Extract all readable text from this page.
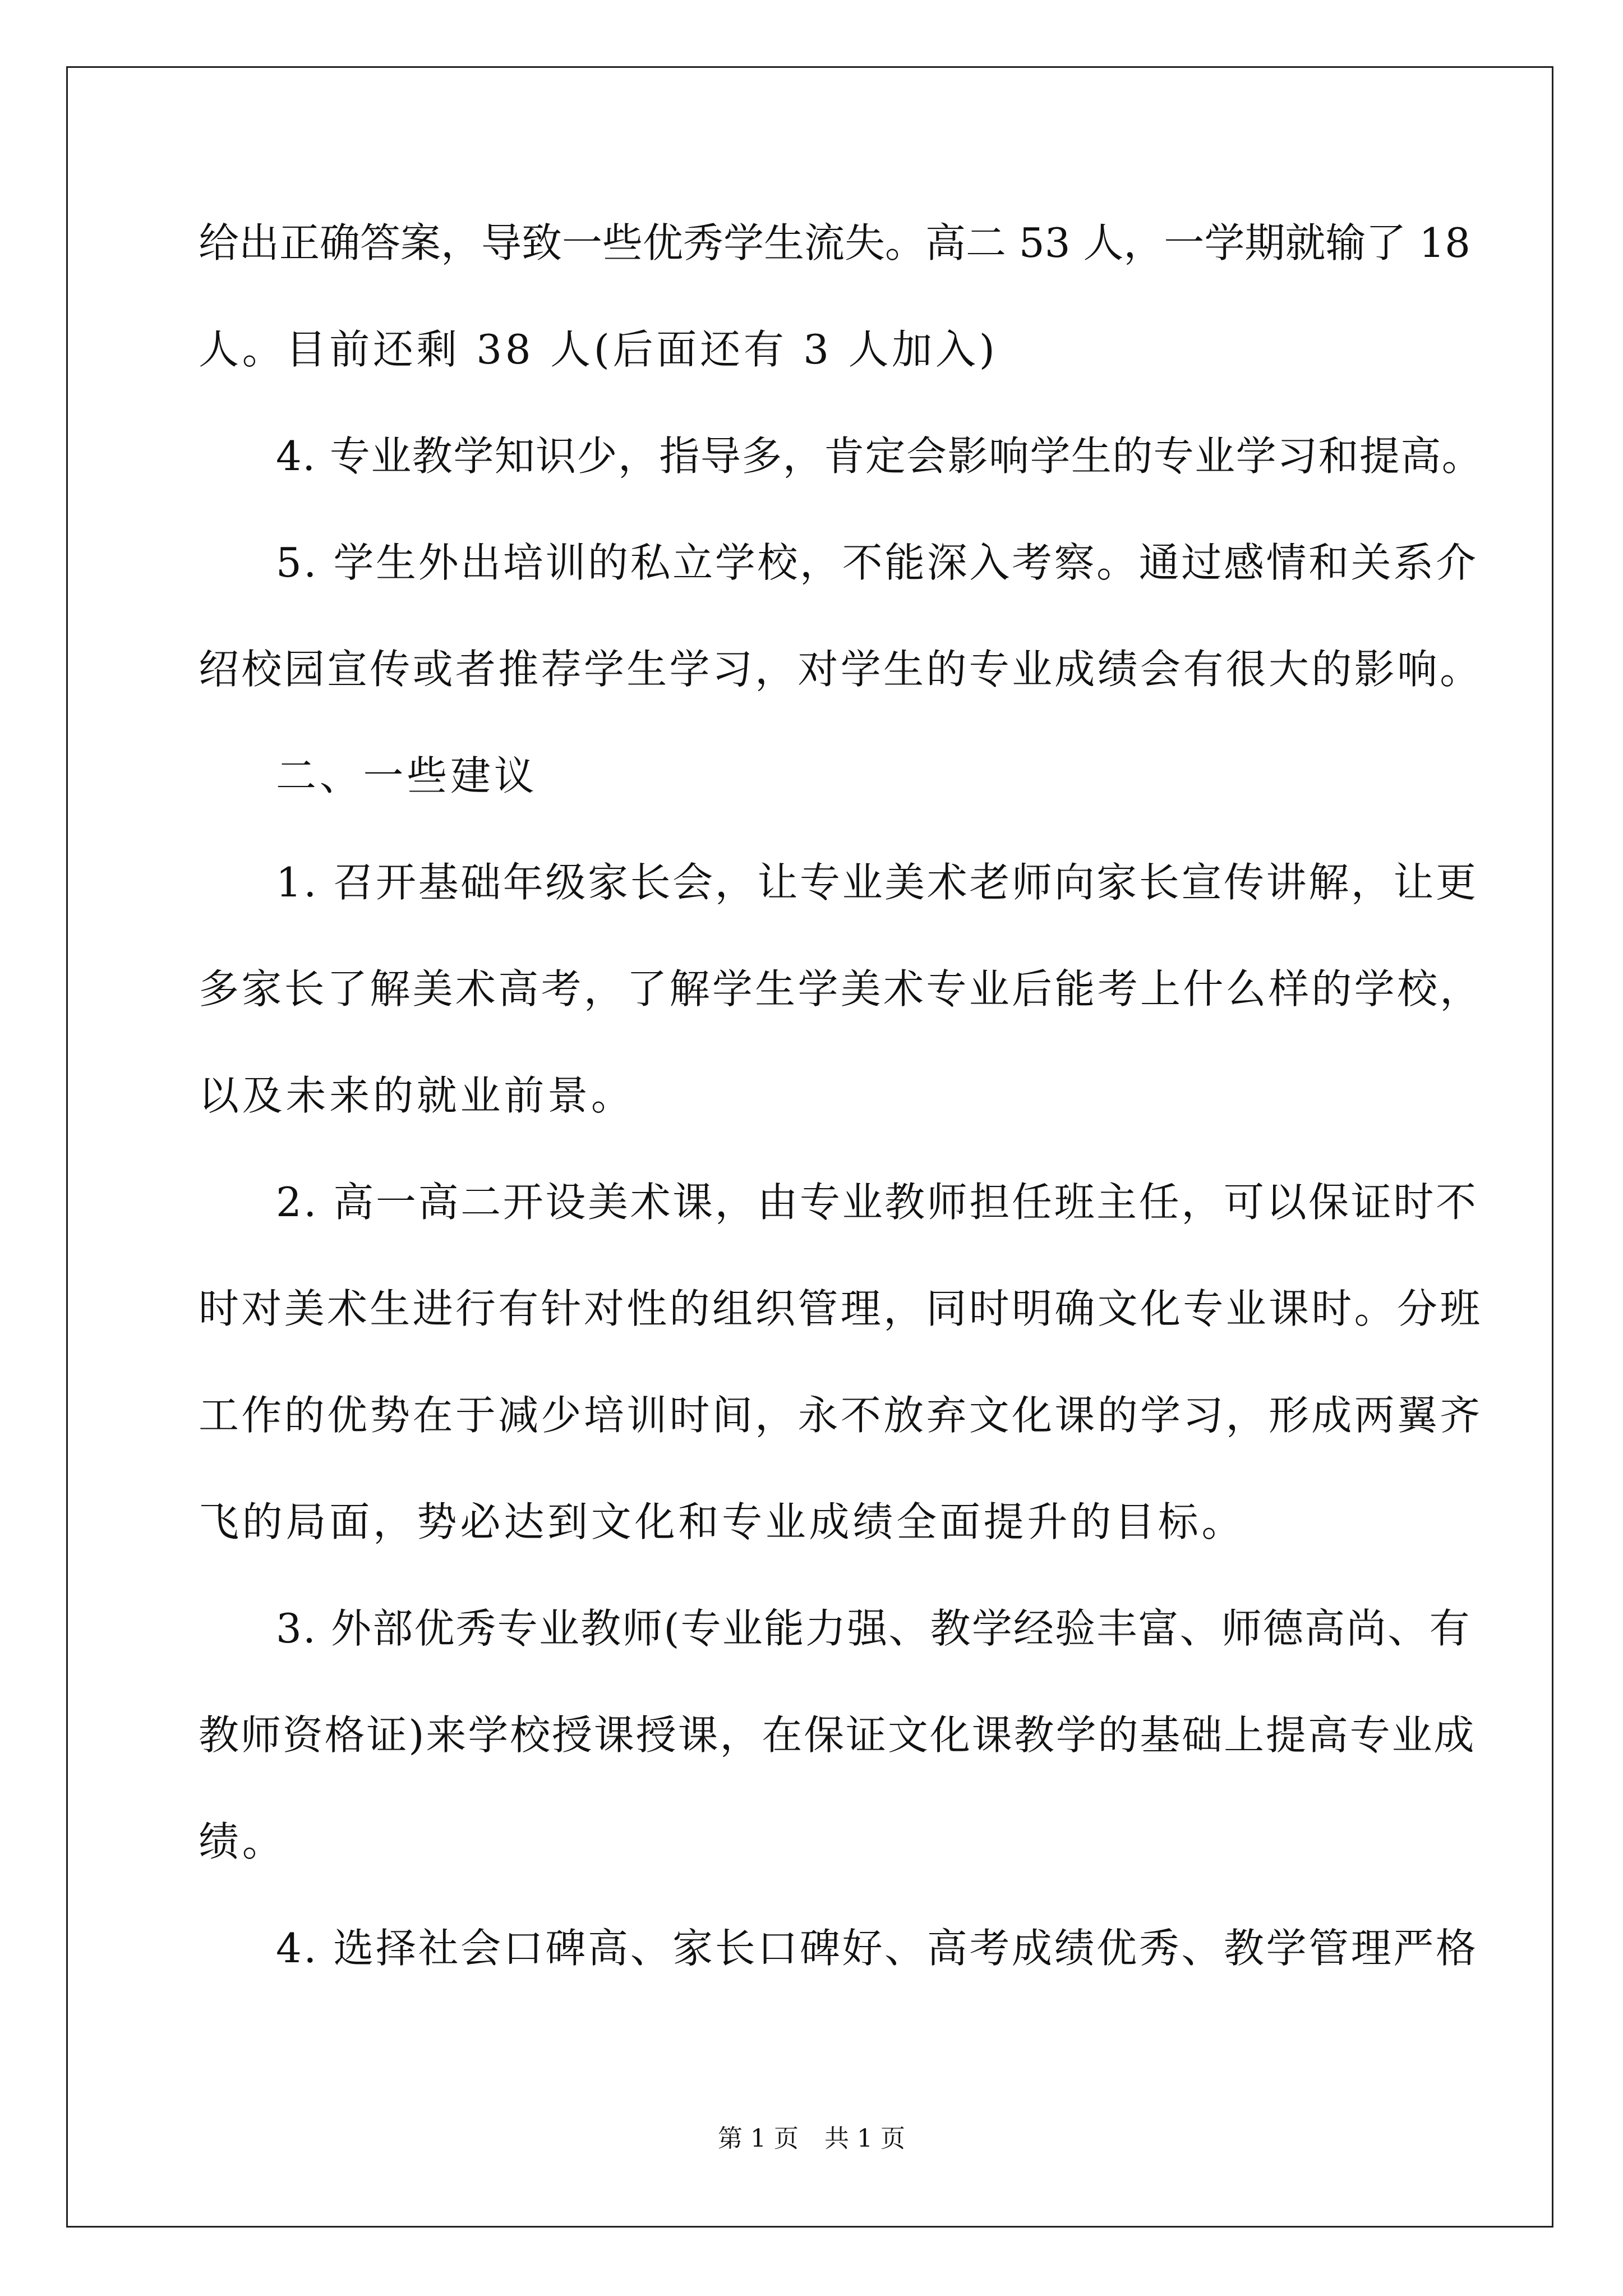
给出正确答案，导致一些优秀学生流失。高二 53 人，一学期就输了 18
人。目前还剩 38 人(后面还有 3 人加入)
4. 专业教学知识少，指导多，肯定会影响学生的专业学习和提高。
5. 学生外出培训的私立学校，不能深入考察。通过感情和关系介
绍校园宣传或者推荐学生学习，对学生的专业成绩会有很大的影响。
二、一些建议
1. 召开基础年级家长会，让专业美术老师向家长宣传讲解，让更
多家长了解美术高考，了解学生学美术专业后能考上什么样的学校，
以及未来的就业前景。
2. 高一高二开设美术课，由专业教师担任班主任，可以保证时不
时对美术生进行有针对性的组织管理，同时明确文化专业课时。分班
工作的优势在于减少培训时间，永不放弃文化课的学习，形成两翼齐
飞的局面，势必达到文化和专业成绩全面提升的目标。
3. 外部优秀专业教师(专业能力强、教学经验丰富、师德高尚、有
教师资格证)来学校授课授课，在保证文化课教学的基础上提高专业成
绩。
4. 选择社会口碑高、家长口碑好、高考成绩优秀、教学管理严格
第 1 页 共 1 页
